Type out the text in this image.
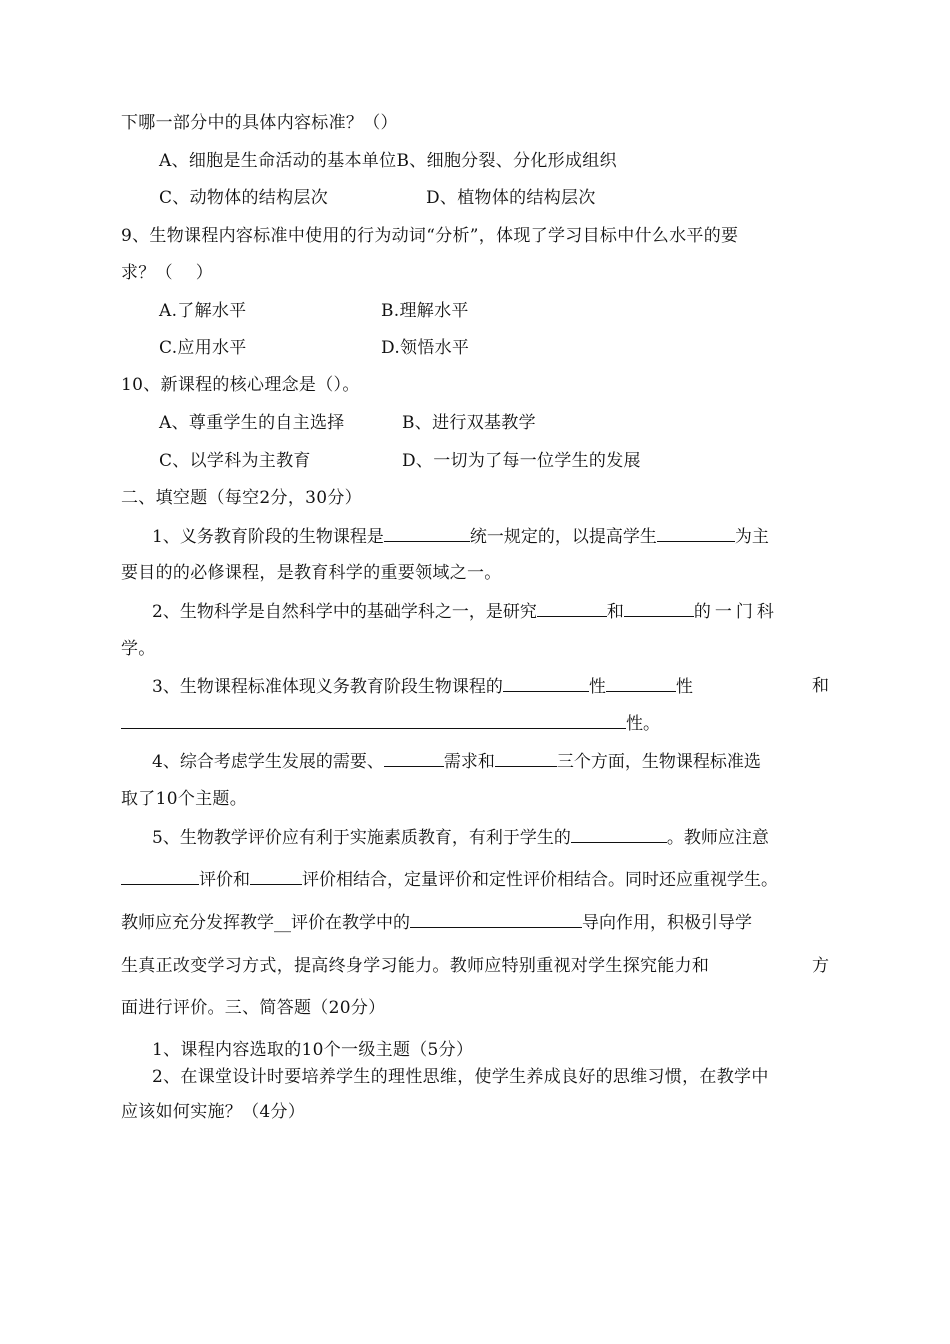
下哪一部分中的具体内容标准？（）
A、细胞是生命活动的基本单位B、细胞分裂、分化形成组织
C、动物体的结构层次	D、植物体的结构层次
9、生物课程内容标准中使用的行为动词“分析”，体现了学习目标中什么水平的要
求？（    ）
A.了解水平	B.理解水平
C.应用水平	D.领悟水平
10、新课程的核心理念是（）。
A、尊重学生的自主选择	B、进行双基教学
C、以学科为主教育	D、一切为了每一位学生的发展
二、填空题（每空2分，30分）
1、义务教育阶段的生物课程是	统一规定的，以提高学生	为主
要目的的必修课程，是教育科学的重要领域之一。
2、生物科学是自然科学中的基础学科之一，是研究	和	的一门科
学。
3、生物课程标准体现义务教育阶段生物课程的	性	性	和
性。
4、综合考虑学生发展的需要、	需求和	三个方面，生物课程标准选
取了10个主题。
5、生物教学评价应有利于实施素质教育，有利于学生的	。教师应注意
评价和	评价相结合，定量评价和定性评价相结合。同时还应重视学生。
教师应充分发挥教学__评价在教学中的	导向作用，积极引导学
生真正改变学习方式，提高终身学习能力。教师应特别重视对学生探究能力和	方
面进行评价。三、简答题（20分）
1、课程内容选取的10个一级主题（5分）
2、在课堂设计时要培养学生的理性思维，使学生养成良好的思维习惯，在教学中
应该如何实施？（4分）
